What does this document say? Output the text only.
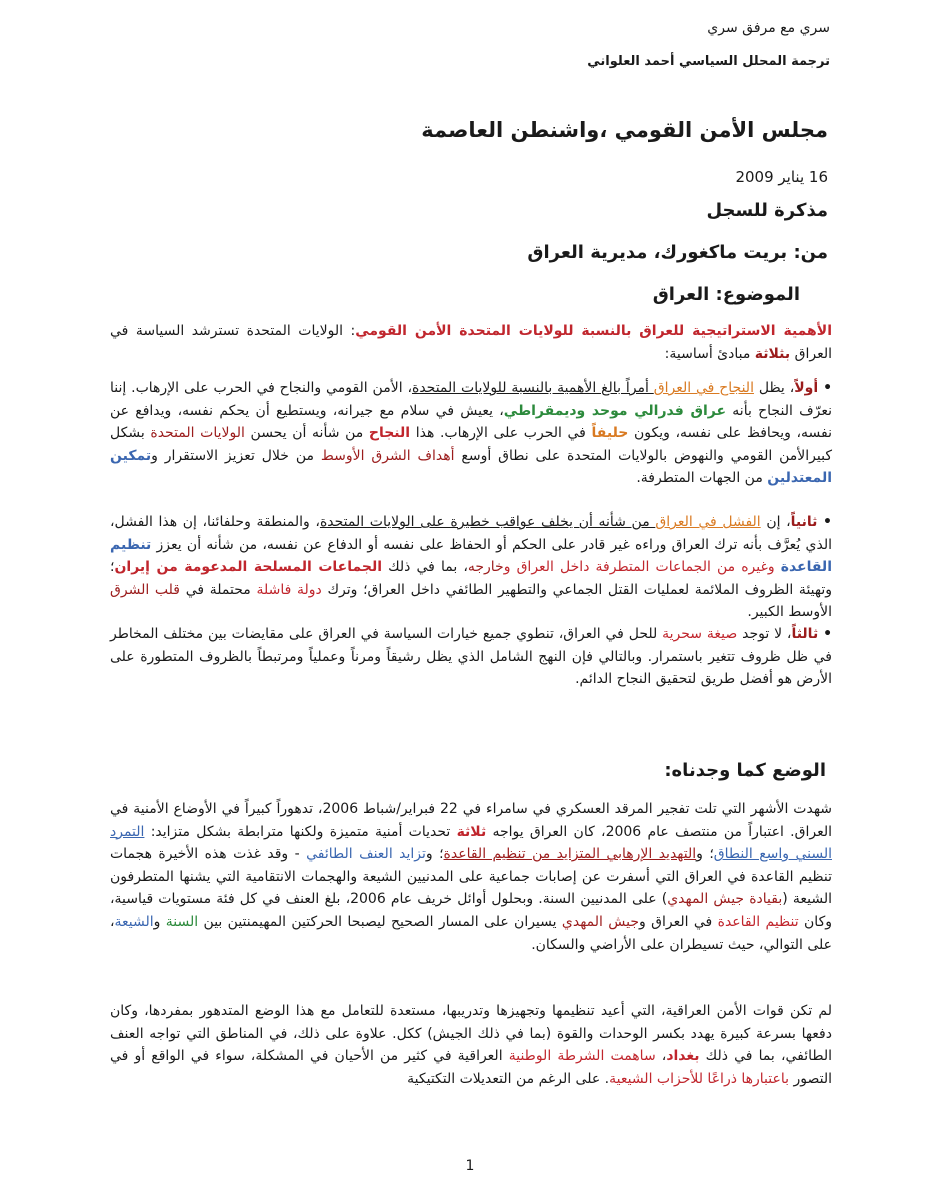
سري مع مرفق سري
ترجمة المحلل السياسي أحمد العلواني
مجلس الأمن القومي ،واشنطن العاصمة
16 يناير 2009
مذكرة للسجل
من: بريت ماكغورك، مديرية العراق
الموضوع: العراق
الأهمية الاستراتيجية للعراق بالنسبة للولايات المتحدة الأمن القومي: الولايات المتحدة تسترشد السياسة في العراق بثلاثة مبادئ أساسية:
• أولاً، يظل النجاح في العراق أمراً بالغ الأهمية بالنسبة للولايات المتحدة، الأمن القومي والنجاح في الحرب على الإرهاب. إننا نعرّف النجاح بأنه عراق فدرالي موحد وديمقراطي، يعيش في سلام مع جيرانه، ويستطيع أن يحكم نفسه، ويدافع عن نفسه، ويحافظ على نفسه، ويكون حليفاً في الحرب على الإرهاب. هذا النجاح من شأنه أن يحسن الولايات المتحدة بشكل كبيرالأمن القومي والنهوض بالولايات المتحدة على نطاق أوسع أهداف الشرق الأوسط من خلال تعزيز الاستقرار وتمكين المعتدلين من الجهات المتطرفة.
• ثانياً، إن الفشل في العراق من شأنه أن يخلف عواقب خطيرة على الولايات المتحدة، والمنطقة وحلفائنا، إن هذا الفشل، الذي يُعرَّف بأنه ترك العراق وراءه غير قادر على الحكم أو الحفاظ على نفسه أو الدفاع عن نفسه، من شأنه أن يعزز تنظيم القاعدة وغيره من الجماعات المتطرفة داخل العراق وخارجه، بما في ذلك الجماعات المسلحة المدعومة من إيران؛ وتهيئة الظروف الملائمة لعمليات القتل الجماعي والتطهير الطائفي داخل العراق؛ وترك دولة فاشلة محتملة في قلب الشرق الأوسط الكبير.
• ثالثاً، لا توجد صيغة سحرية للحل في العراق، تنطوي جميع خيارات السياسة في العراق على مقايضات بين مختلف المخاطر في ظل ظروف تتغير باستمرار. وبالتالي فإن النهج الشامل الذي يظل رشيقاً ومرناً وعملياً ومرتبطاً بالظروف المتطورة على الأرض هو أفضل طريق لتحقيق النجاح الدائم.
الوضع كما وجدناه:
شهدت الأشهر التي تلت تفجير المرقد العسكري في سامراء في 22 فبراير/شباط 2006، تدهوراً كبيراً في الأوضاع الأمنية في العراق. اعتباراً من منتصف عام 2006، كان العراق يواجه ثلاثة تحديات أمنية متميزة ولكنها مترابطة بشكل متزايد: التمرد السني واسع النطاق؛ والتهديد الإرهابي المتزايد من تنظيم القاعدة؛ وتزايد العنف الطائفي - وقد غذت هذه الأخيرة هجمات تنظيم القاعدة في العراق التي أسفرت عن إصابات جماعية على المدنيين الشيعة والهجمات الانتقامية التي يشنها المتطرفون الشيعة (بقيادة جيش المهدي) على المدنيين السنة. وبحلول أوائل خريف عام 2006، بلغ العنف في كل فئة مستويات قياسية، وكان تنظيم القاعدة في العراق وجيش المهدي يسيران على المسار الصحيح ليصبحا الحركتين المهيمنتين بين السنة والشيعة، على التوالي، حيث تسيطران على الأراضي والسكان.
لم تكن قوات الأمن العراقية، التي أعيد تنظيمها وتجهيزها وتدريبها، مستعدة للتعامل مع هذا الوضع المتدهور بمفردها، وكان دفعها بسرعة كبيرة يهدد بكسر الوحدات والقوة (بما في ذلك الجيش) ككل. علاوة على ذلك، في المناطق التي تواجه العنف الطائفي، بما في ذلك بغداد، ساهمت الشرطة الوطنية العراقية في كثير من الأحيان في المشكلة، سواء في الواقع أو في التصور باعتبارها ذراعًا للأحزاب الشيعية. على الرغم من التعديلات التكتيكية
1
